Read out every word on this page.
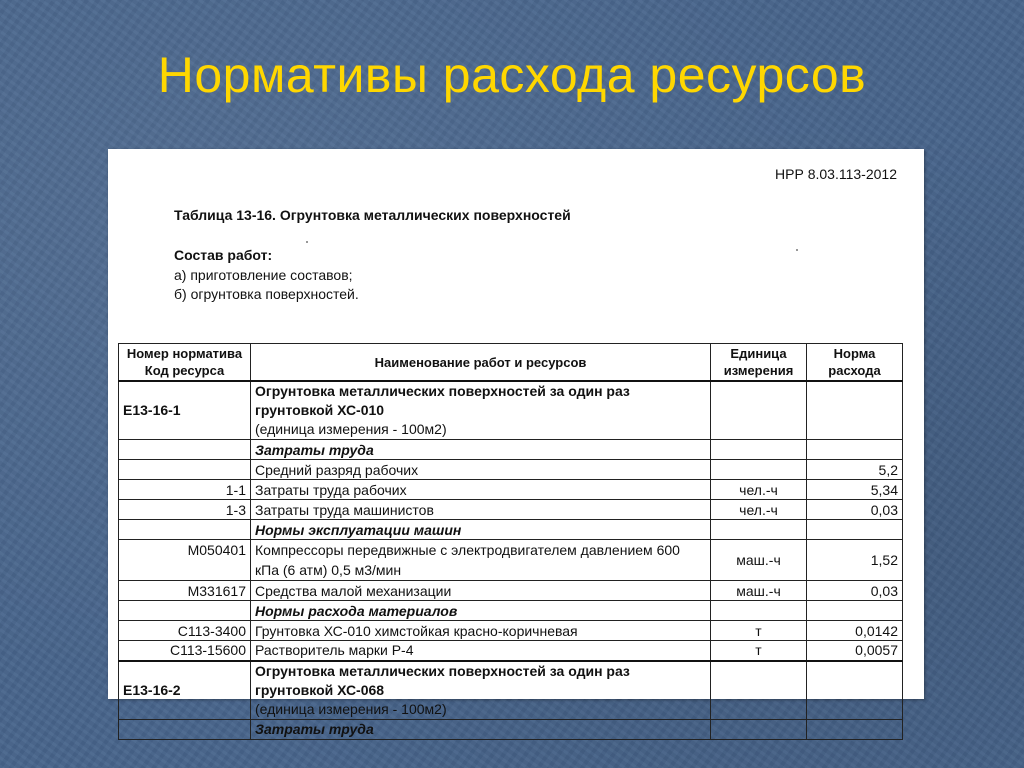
Нормативы расхода ресурсов
НРР 8.03.113-2012
Таблица 13-16. Огрунтовка металлических поверхностей
Состав работ:
а) приготовление составов;
б) огрунтовка поверхностей.
Номер норматива Код ресурса	Наименование работ и ресурсов	Единица измерения	Норма расхода
Е13-16-1	Огрунтовка металлических поверхностей за один раз грунтовкой ХС-010
(единица измерения - 100м2)		

	Затраты труда		
	Средний разряд рабочих		5,2
1-1	Затраты труда рабочих	чел.-ч	5,34
1-3	Затраты труда машинистов	чел.-ч	0,03
	Нормы эксплуатации машин		
М050401	Компрессоры передвижные с электродвигателем давлением 600 кПа (6 атм) 0,5 м3/мин	маш.-ч	1,52
М331617	Средства малой механизации	маш.-ч	0,03
	Нормы расхода материалов		
С113-3400	Грунтовка ХС-010 химстойкая красно-коричневая	т	0,0142
С113-15600	Растворитель марки Р-4	т	0,0057
Е13-16-2	Огрунтовка металлических поверхностей за один раз грунтовкой ХС-068
(единица измерения - 100м2)		

	Затраты труда		
